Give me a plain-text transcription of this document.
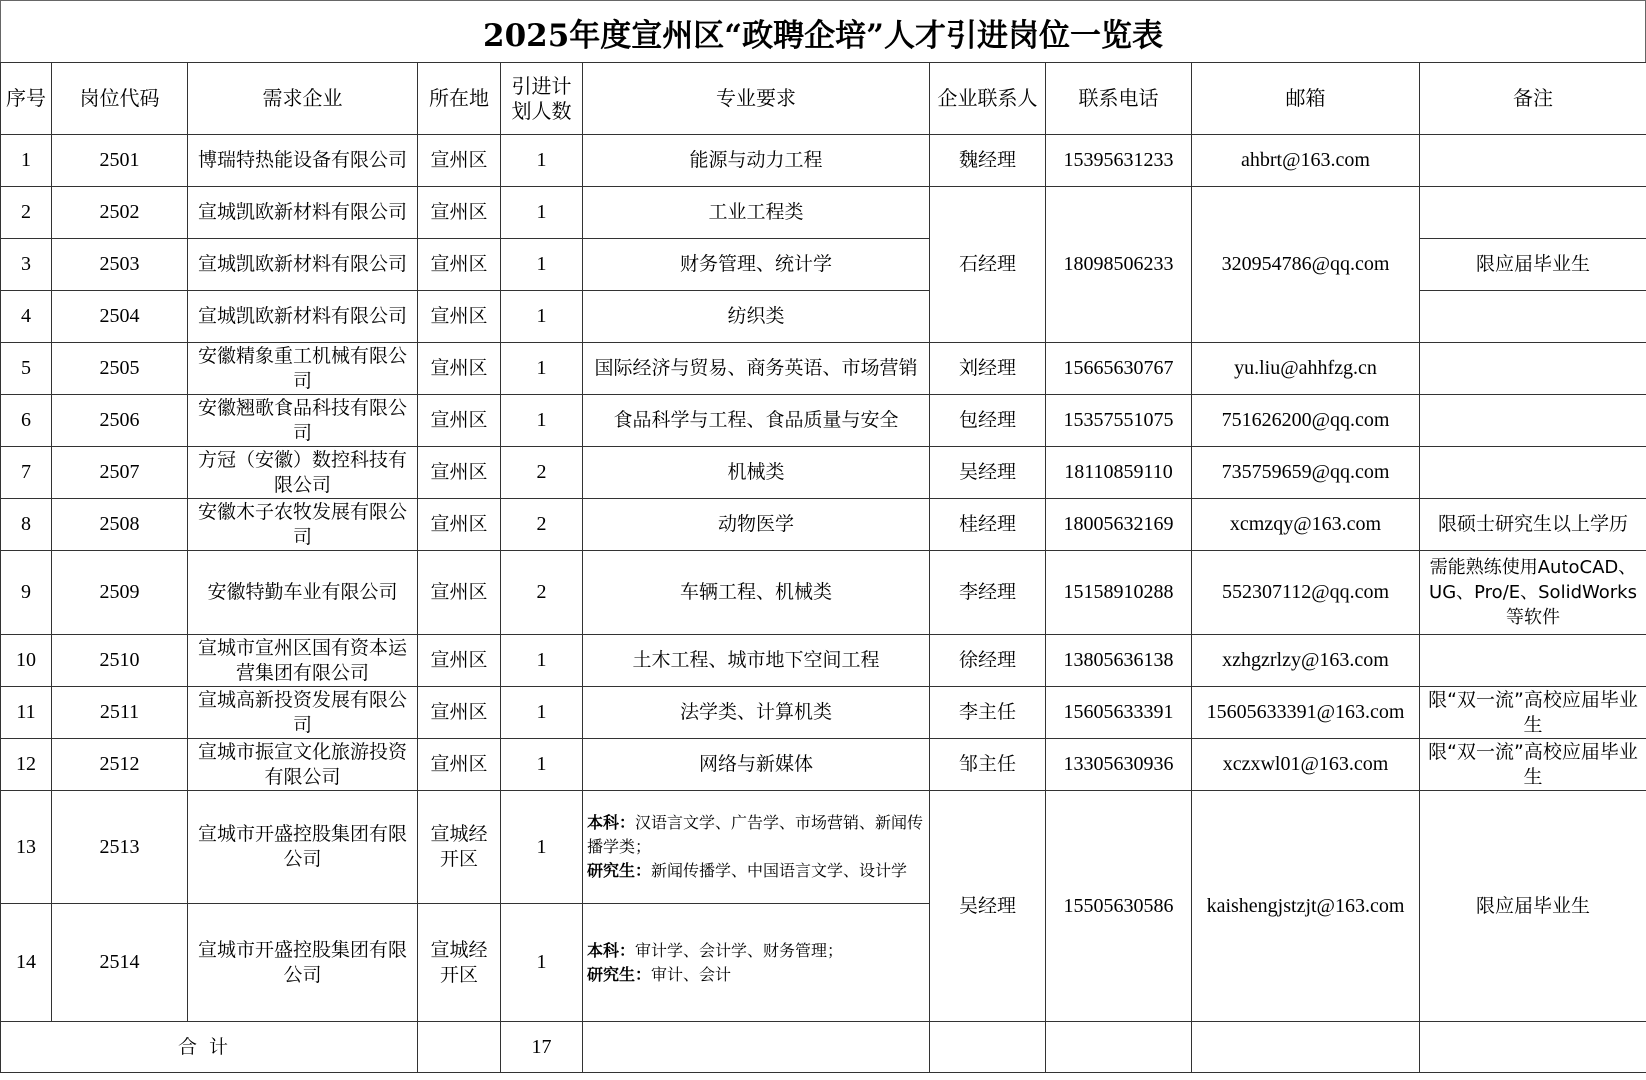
2025年度宣州区“政聘企培”人才引进岗位一览表
序号	岗位代码	需求企业	所在地	引进计划人数	专业要求	企业联系人	联系电话	邮箱	备注
1	2501	博瑞特热能设备有限公司	宣州区	1	能源与动力工程	魏经理	15395631233	ahbrt@163.com	
2	2502	宣城凯欧新材料有限公司	宣州区	1	工业工程类	石经理	18098506233	320954786@qq.com	
3	2503	宣城凯欧新材料有限公司	宣州区	1	财务管理、统计学				限应届毕业生
4	2504	宣城凯欧新材料有限公司	宣州区	1	纺织类				
5	2505	安徽精象重工机械有限公司	宣州区	1	国际经济与贸易、商务英语、市场营销	刘经理	15665630767	yu.liu@ahhfzg.cn	
6	2506	安徽翘歌食品科技有限公司	宣州区	1	食品科学与工程、食品质量与安全	包经理	15357551075	751626200@qq.com	
7	2507	方冠（安徽）数控科技有限公司	宣州区	2	机械类	吴经理	18110859110	735759659@qq.com	
8	2508	安徽木子农牧发展有限公司	宣州区	2	动物医学	桂经理	18005632169	xcmzqy@163.com	限硕士研究生以上学历
9	2509	安徽特勤车业有限公司	宣州区	2	车辆工程、机械类	李经理	15158910288	552307112@qq.com	需能熟练使用AutoCAD、UG、Pro/E、SolidWorks等软件
10	2510	宣城市宣州区国有资本运营集团有限公司	宣州区	1	土木工程、城市地下空间工程	徐经理	13805636138	xzhgzrlzy@163.com	
11	2511	宣城高新投资发展有限公司	宣州区	1	法学类、计算机类	李主任	15605633391	15605633391@163.com	限“双一流”高校应届毕业生
12	2512	宣城市振宣文化旅游投资有限公司	宣州区	1	网络与新媒体	邹主任	13305630936	xczxwl01@163.com	限“双一流”高校应届毕业生
13	2513	宣城市开盛控股集团有限公司	宣城经开区	1	本科：汉语言文学、广告学、市场营销、新闻传播学类；
研究生：新闻传播学、中国语言文学、设计学	吴经理	15505630586	kaishengjstzjt@163.com	限应届毕业生
14	2514	宣城市开盛控股集团有限公司	宣城经开区	1	本科：审计学、会计学、财务管理；
研究生：审计、会计				

合计				17					
